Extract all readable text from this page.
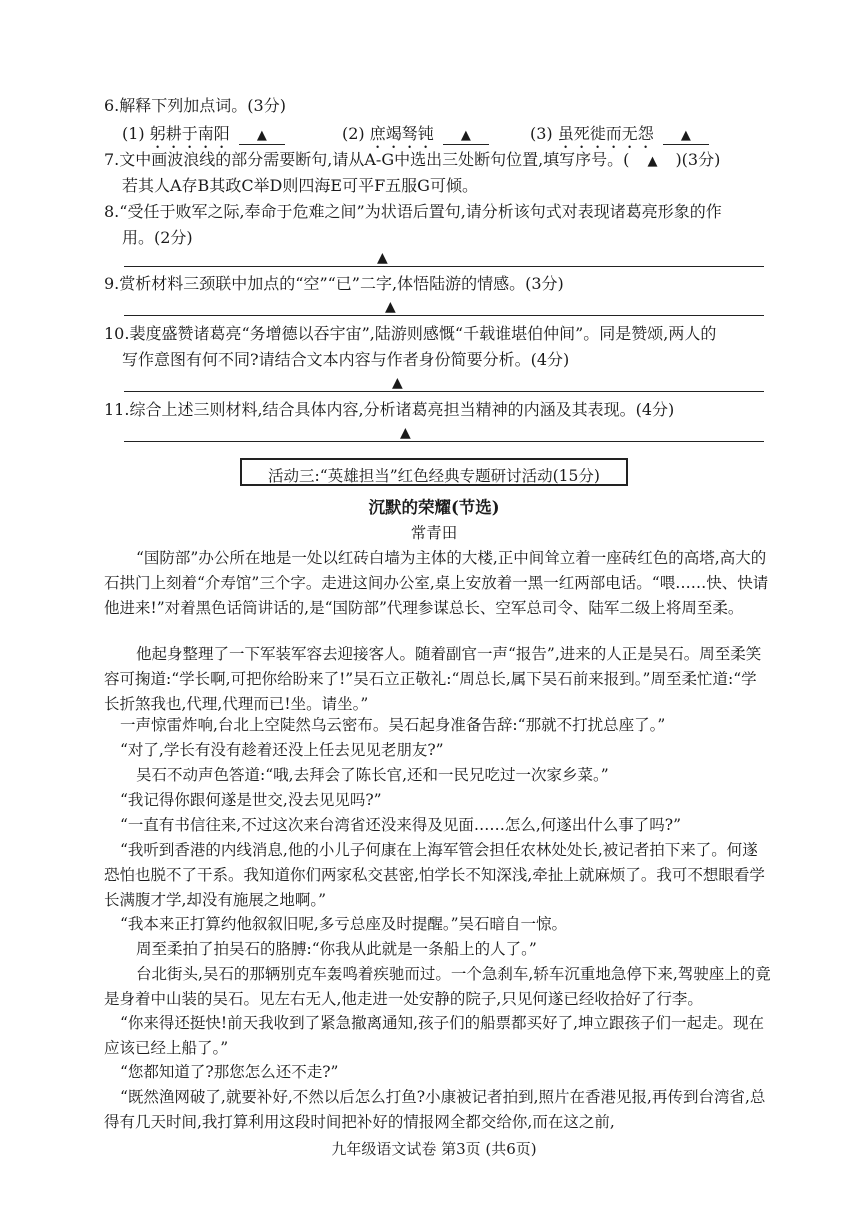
6.解释下列加点词。(3分)
(1) 躬耕于南阳 ▲	(2) 庶竭驽钝 ▲	(3) 虽死徙而无怨 ▲
7.文中画波浪线的部分需要断句,请从A-G中选出三处断句位置,填写序号。( ▲ )(3分)
若其人A存B其政C举D则四海E可平F五服G可倾。
8.“受任于败军之际,奉命于危难之间”为状语后置句,请分析该句式对表现诸葛亮形象的作
用。(2分)
▲
9.赏析材料三颈联中加点的“空”“已”二字,体悟陆游的情感。(3分)
▲
10.裴度盛赞诸葛亮“务增德以吞宇宙”,陆游则感慨“千载谁堪伯仲间”。同是赞颂,两人的
写作意图有何不同?请结合文本内容与作者身份简要分析。(4分)
▲
11.综合上述三则材料,结合具体内容,分析诸葛亮担当精神的内涵及其表现。(4分)
▲
活动三:“英雄担当”红色经典专题研讨活动(15分)
沉默的荣耀(节选)
常青田
“国防部”办公所在地是一处以红砖白墙为主体的大楼,正中间耸立着一座砖红色的高塔,高大的石拱门上刻着“介寿馆”三个字。走进这间办公室,桌上安放着一黑一红两部电话。“喂……快、快请他进来!”对着黑色话筒讲话的,是“国防部”代理参谋总长、空军总司令、陆军二级上将周至柔。
他起身整理了一下军装军容去迎接客人。随着副官一声“报告”,进来的人正是吴石。周至柔笑容可掬道:“学长啊,可把你给盼来了!”吴石立正敬礼:“周总长,属下吴石前来报到。”周至柔忙道:“学长折煞我也,代理,代理而已!坐。请坐。”
一声惊雷炸响,台北上空陡然乌云密布。吴石起身准备告辞:“那就不打扰总座了。”
“对了,学长有没有趁着还没上任去见见老朋友?”
吴石不动声色答道:“哦,去拜会了陈长官,还和一民兄吃过一次家乡菜。”
“我记得你跟何遂是世交,没去见见吗?”
“一直有书信往来,不过这次来台湾省还没来得及见面……怎么,何遂出什么事了吗?”
“我听到香港的内线消息,他的小儿子何康在上海军管会担任农林处处长,被记者拍下来了。何遂恐怕也脱不了干系。我知道你们两家私交甚密,怕学长不知深浅,牵扯上就麻烦了。我可不想眼看学长满腹才学,却没有施展之地啊。”
“我本来正打算约他叙叙旧呢,多亏总座及时提醒。”吴石暗自一惊。
周至柔拍了拍吴石的胳膊:“你我从此就是一条船上的人了。”
台北街头,吴石的那辆别克车轰鸣着疾驰而过。一个急刹车,轿车沉重地急停下来,驾驶座上的竟是身着中山装的吴石。见左右无人,他走进一处安静的院子,只见何遂已经收拾好了行李。
“你来得还挺快!前天我收到了紧急撤离通知,孩子们的船票都买好了,坤立跟孩子们一起走。现在应该已经上船了。”
“您都知道了?那您怎么还不走?”
“既然渔网破了,就要补好,不然以后怎么打鱼?小康被记者拍到,照片在香港见报,再传到台湾省,总得有几天时间,我打算利用这段时间把补好的情报网全都交给你,而在这之前,
九年级语文试卷 第3页 (共6页)
